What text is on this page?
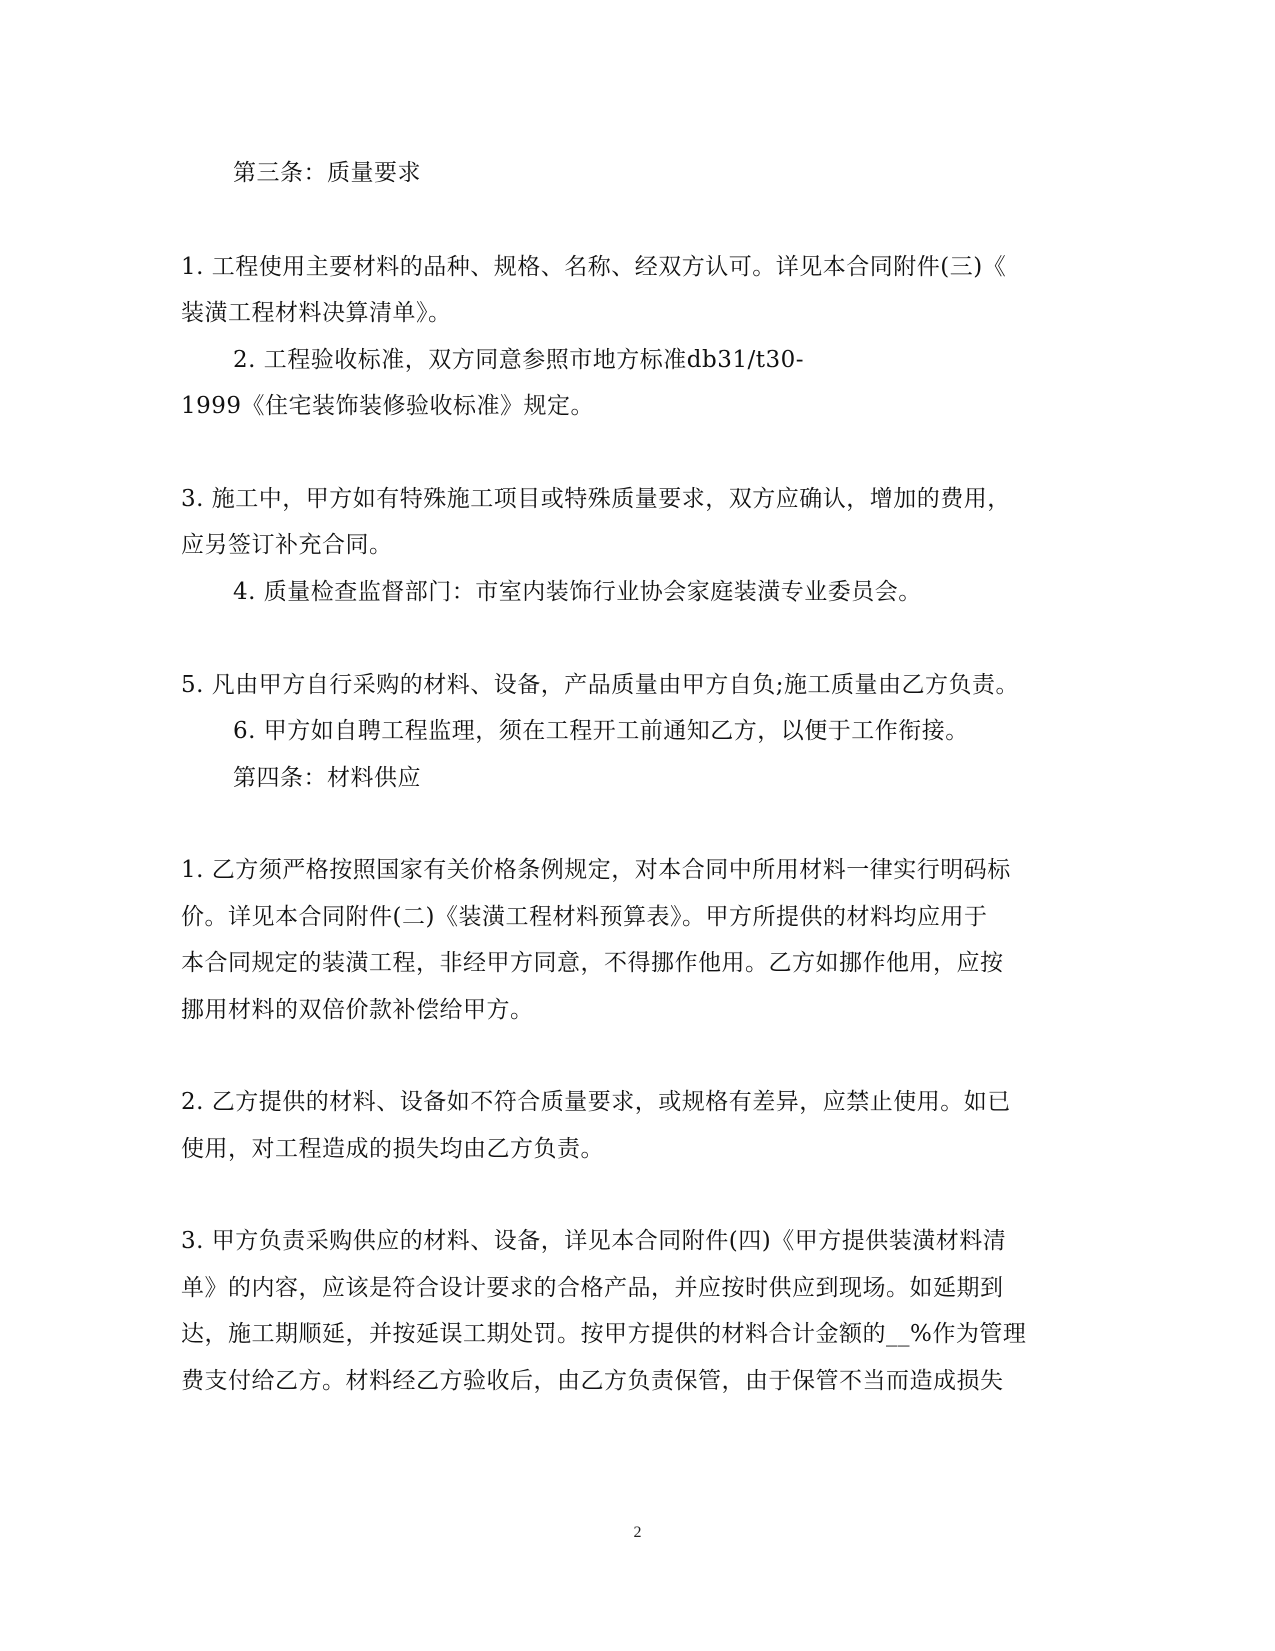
第三条：质量要求
1. 工程使用主要材料的品种、规格、名称、经双方认可。详见本合同附件(三)《
装潢工程材料决算清单》。
2. 工程验收标准，双方同意参照市地方标准db31/t30-
1999《住宅装饰装修验收标准》规定。
3. 施工中，甲方如有特殊施工项目或特殊质量要求，双方应确认，增加的费用，
应另签订补充合同。
4. 质量检查监督部门：市室内装饰行业协会家庭装潢专业委员会。
5. 凡由甲方自行采购的材料、设备，产品质量由甲方自负;施工质量由乙方负责。
6. 甲方如自聘工程监理，须在工程开工前通知乙方，以便于工作衔接。
第四条：材料供应
1. 乙方须严格按照国家有关价格条例规定，对本合同中所用材料一律实行明码标
价。详见本合同附件(二)《装潢工程材料预算表》。甲方所提供的材料均应用于
本合同规定的装潢工程，非经甲方同意，不得挪作他用。乙方如挪作他用，应按
挪用材料的双倍价款补偿给甲方。
2. 乙方提供的材料、设备如不符合质量要求，或规格有差异，应禁止使用。如已
使用，对工程造成的损失均由乙方负责。
3. 甲方负责采购供应的材料、设备，详见本合同附件(四)《甲方提供装潢材料清
单》的内容，应该是符合设计要求的合格产品，并应按时供应到现场。如延期到
达，施工期顺延，并按延误工期处罚。按甲方提供的材料合计金额的__%作为管理
费支付给乙方。材料经乙方验收后，由乙方负责保管，由于保管不当而造成损失
2
